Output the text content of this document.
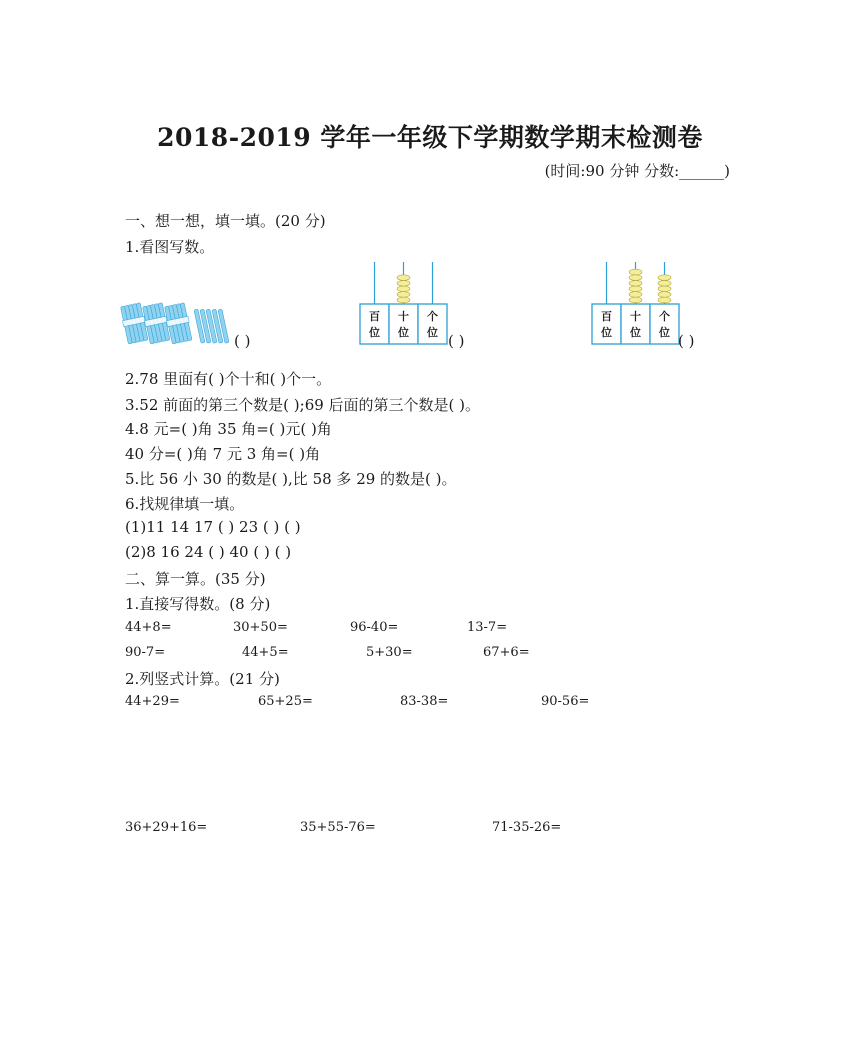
2018-2019 学年一年级下学期数学期末检测卷
(时间:90 分钟 分数:______)
一、想一想，填一填。(20 分)
1.看图写数。
( )
百
位
十
位
个
位 ( )
百
位
十
位
个
位 ( )
2.78 里面有( )个十和( )个一。
3.52 前面的第三个数是( );69 后面的第三个数是( )。
4.8 元=( )角 35 角=( )元( )角
40 分=( )角 7 元 3 角=( )角
5.比 56 小 30 的数是( ),比 58 多 29 的数是( )。
6.找规律填一填。
(1)11 14 17 ( ) 23 ( ) ( )
(2)8 16 24 ( ) 40 ( ) ( )
二、算一算。(35 分)
1.直接写得数。(8 分)
44+8=	30+50=	96-40=	13-7=
90-7=	44+5=	5+30=	67+6=
2.列竖式计算。(21 分)
44+29=	65+25=	83-38=	90-56=
36+29+16=	35+55-76=	71-35-26=
